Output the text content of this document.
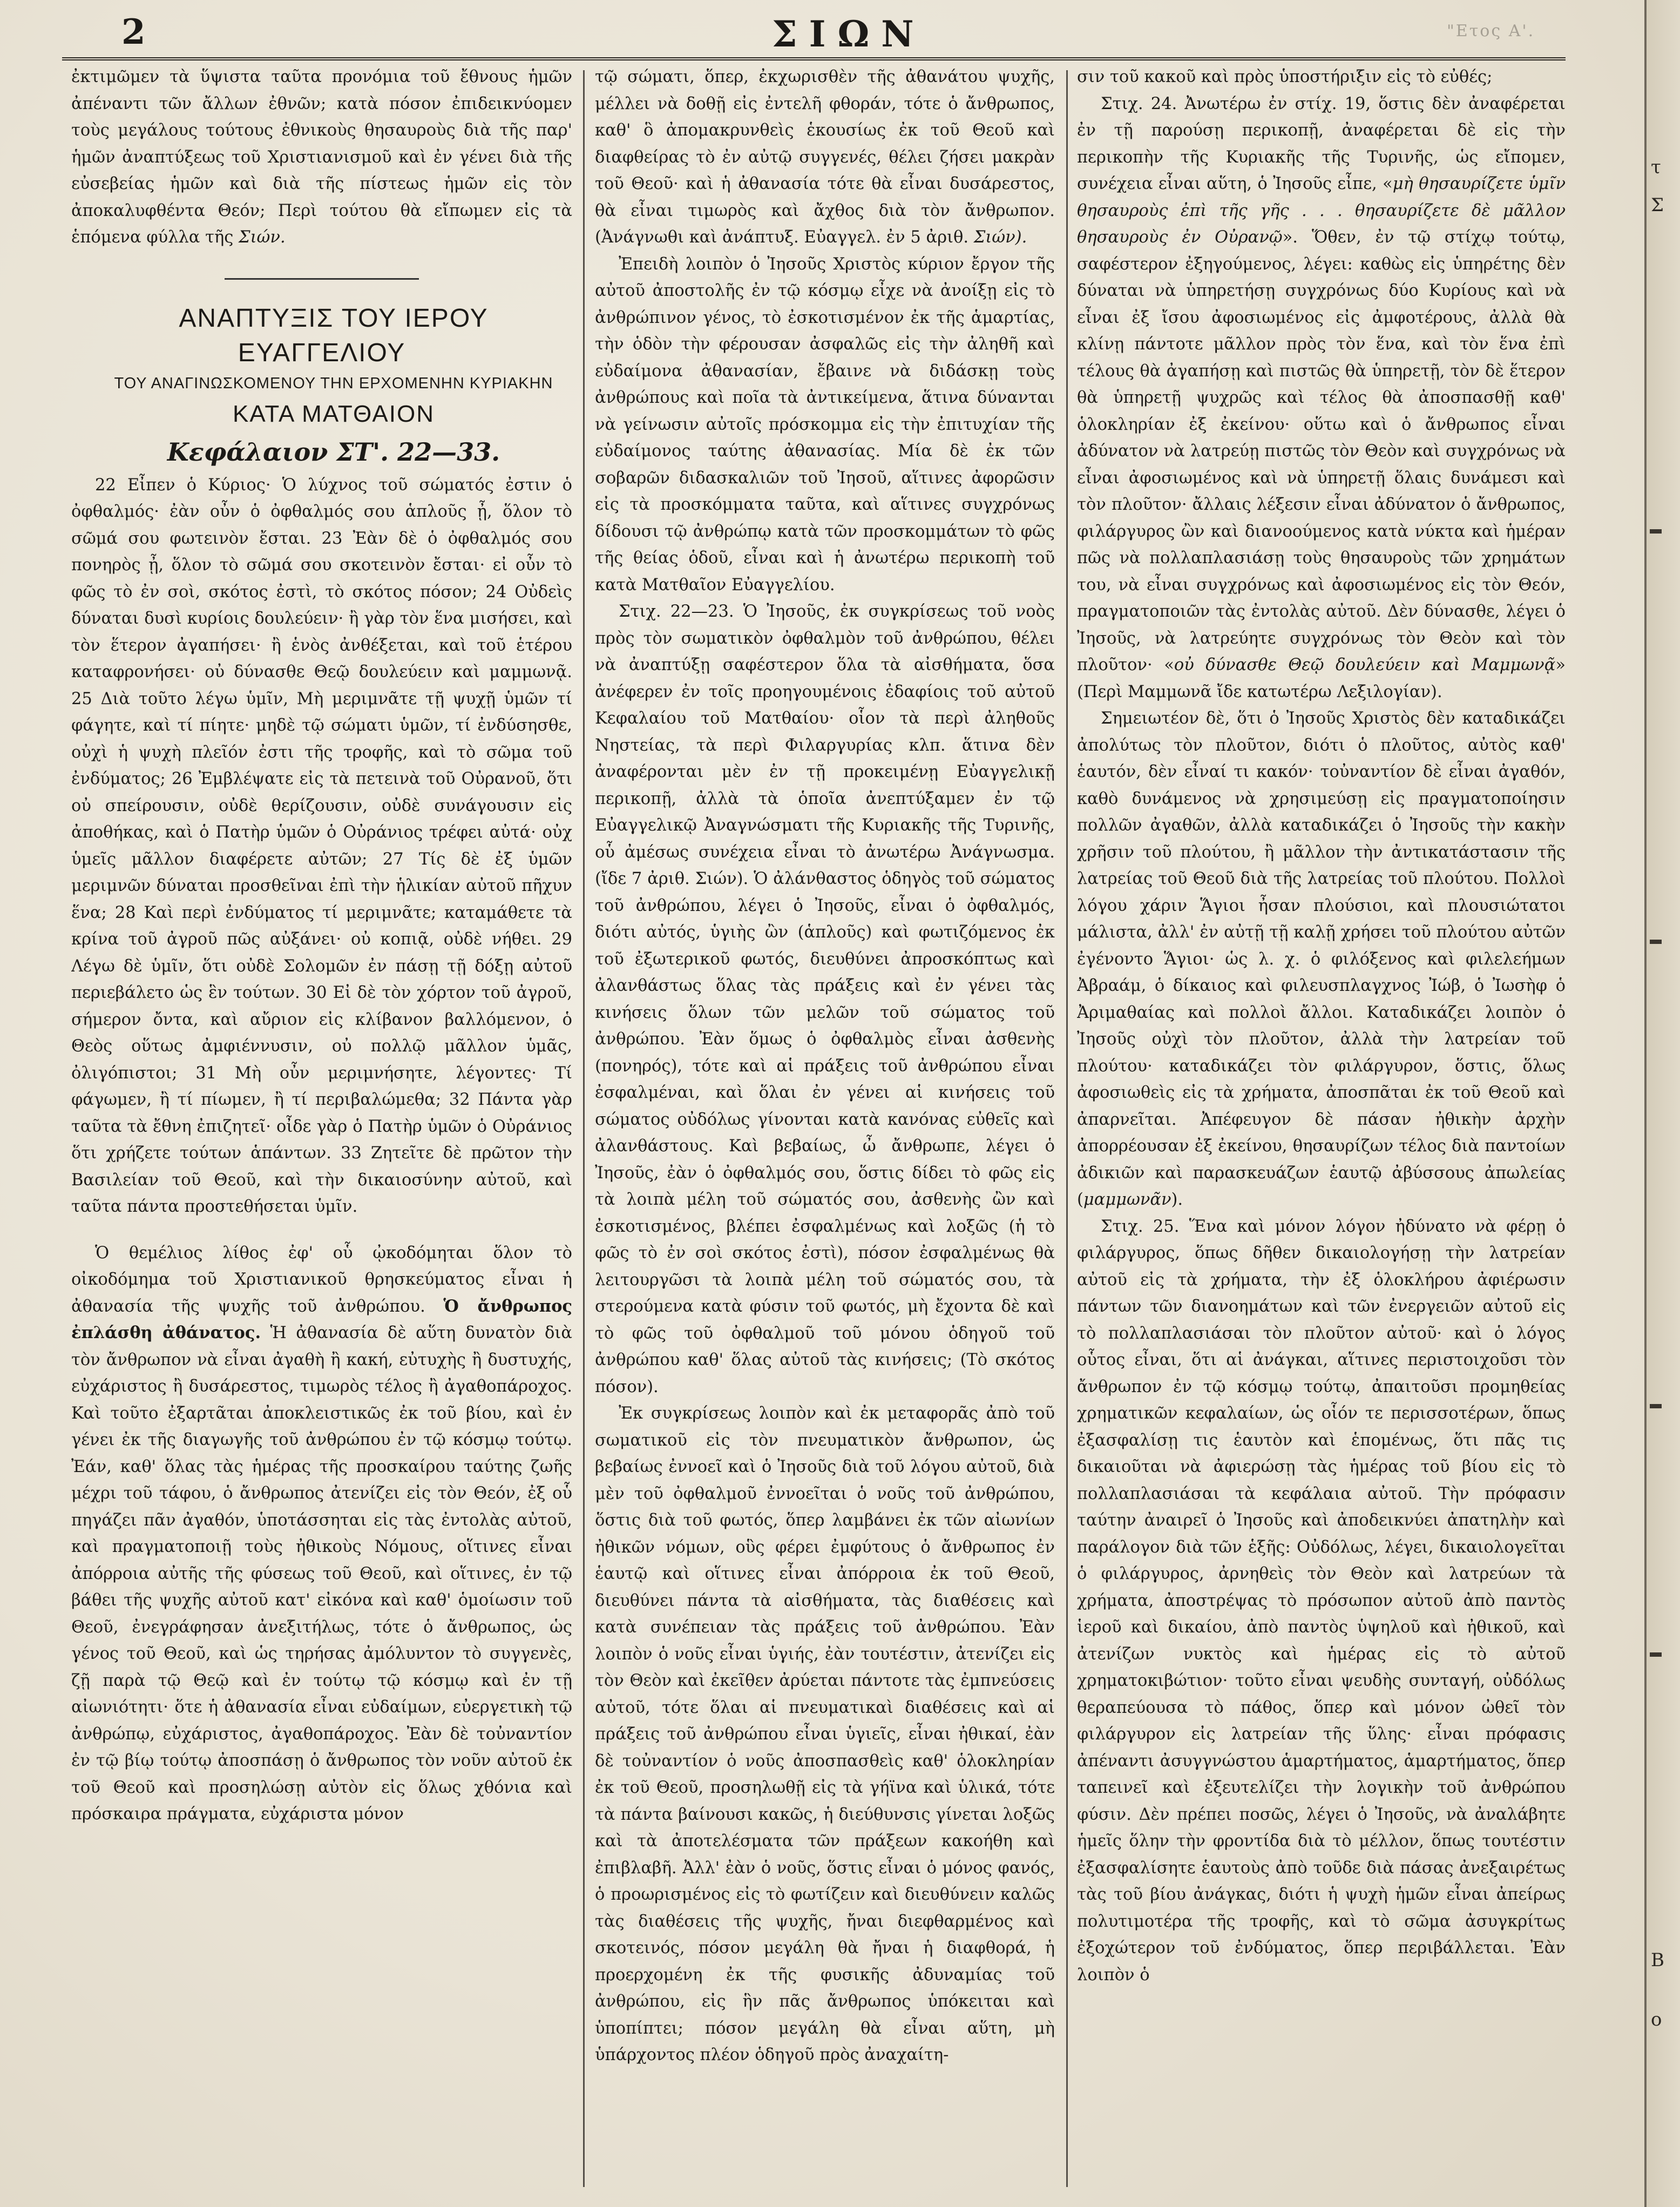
2	ΣΙΩΝ	"Ετος Α'.

ἐκτιμῶμεν τὰ ὕψιστα ταῦτα προνόμια τοῦ ἔθνους ἡμῶν ἀπέναντι τῶν ἄλλων ἐθνῶν; κατὰ πόσον ἐπιδεικνύομεν τοὺς μεγάλους τούτους ἐθνικοὺς θησαυροὺς διὰ τῆς παρ' ἡμῶν ἀναπτύξεως τοῦ Χριστιανισμοῦ καὶ ἐν γένει διὰ τῆς εὐσεβείας ἡμῶν καὶ διὰ τῆς πίστεως ἡμῶν εἰς τὸν ἀποκαλυφθέντα Θεόν; Περὶ τούτου θὰ εἴπωμεν εἰς τὰ ἑπόμενα φύλλα τῆς Σιών.

ΑΝΑΠΤΥΞΙΣ ΤΟΥ ΙΕΡΟΥ ΕΥΑΓΓΕΛΙΟΥ

ΤΟΥ ΑΝΑΓΙΝΩΣΚΟΜΕΝΟΥ ΤΗΝ ΕΡΧΟΜΕΝΗΝ ΚΥΡΙΑΚΗΝ

ΚΑΤΑ ΜΑΤΘΑΙΟΝ

Κεφάλαιον ΣΤ'. 22—33.

22 Εἶπεν ὁ Κύριος· Ὁ λύχνος τοῦ σώματός ἐστιν ὁ ὀφθαλμός· ἐὰν οὖν ὁ ὀφθαλμός σου ἁπλοῦς ᾖ, ὅλον τὸ σῶμά σου φωτεινὸν ἔσται. 23 Ἐὰν δὲ ὁ ὀφθαλμός σου πονηρὸς ᾖ, ὅλον τὸ σῶμά σου σκοτεινὸν ἔσται· εἰ οὖν τὸ φῶς τὸ ἐν σοὶ, σκότος ἐστὶ, τὸ σκότος πόσον; 24 Οὐδεὶς δύναται δυσὶ κυρίοις δουλεύειν· ἢ γὰρ τὸν ἕνα μισήσει, καὶ τὸν ἕτερον ἀγαπήσει· ἢ ἑνὸς ἀνθέξεται, καὶ τοῦ ἑτέρου καταφρονήσει· οὐ δύνασθε Θεῷ δουλεύειν καὶ μαμμωνᾷ. 25 Διὰ τοῦτο λέγω ὑμῖν, Μὴ μεριμνᾶτε τῇ ψυχῇ ὑμῶν τί φάγητε, καὶ τί πίητε· μηδὲ τῷ σώματι ὑμῶν, τί ἐνδύσησθε, οὐχὶ ἡ ψυχὴ πλεῖόν ἐστι τῆς τροφῆς, καὶ τὸ σῶμα τοῦ ἐνδύματος; 26 Ἐμβλέψατε εἰς τὰ πετεινὰ τοῦ Οὐρανοῦ, ὅτι οὐ σπείρουσιν, οὐδὲ θερίζουσιν, οὐδὲ συνάγουσιν εἰς ἀποθήκας, καὶ ὁ Πατὴρ ὑμῶν ὁ Οὐράνιος τρέφει αὐτά· οὐχ ὑμεῖς μᾶλλον διαφέρετε αὐτῶν; 27 Τίς δὲ ἐξ ὑμῶν μεριμνῶν δύναται προσθεῖναι ἐπὶ τὴν ἡλικίαν αὐτοῦ πῆχυν ἕνα; 28 Καὶ περὶ ἐνδύματος τί μεριμνᾶτε; καταμάθετε τὰ κρίνα τοῦ ἀγροῦ πῶς αὐξάνει· οὐ κοπιᾷ, οὐδὲ νήθει. 29 Λέγω δὲ ὑμῖν, ὅτι οὐδὲ Σολομῶν ἐν πάσῃ τῇ δόξῃ αὐτοῦ περιεβάλετο ὡς ἓν τούτων. 30 Εἰ δὲ τὸν χόρτον τοῦ ἀγροῦ, σήμερον ὄντα, καὶ αὔριον εἰς κλίβανον βαλλόμενον, ὁ Θεὸς οὕτως ἀμφιέννυσιν, οὐ πολλῷ μᾶλλον ὑμᾶς, ὀλιγόπιστοι; 31 Μὴ οὖν μεριμνήσητε, λέγοντες· Τί φάγωμεν, ἢ τί πίωμεν, ἢ τί περιβαλώμεθα; 32 Πάντα γὰρ ταῦτα τὰ ἔθνη ἐπιζητεῖ· οἶδε γὰρ ὁ Πατὴρ ὑμῶν ὁ Οὐράνιος ὅτι χρήζετε τούτων ἁπάντων. 33 Ζητεῖτε δὲ πρῶτον τὴν Βασιλείαν τοῦ Θεοῦ, καὶ τὴν δικαιοσύνην αὐτοῦ, καὶ ταῦτα πάντα προστεθήσεται ὑμῖν.

Ὁ θεμέλιος λίθος ἐφ' οὗ ᾠκοδόμηται ὅλον τὸ οἰκοδόμημα τοῦ Χριστιανικοῦ θρησκεύματος εἶναι ἡ ἀθανασία τῆς ψυχῆς τοῦ ἀνθρώπου. Ὁ ἄνθρωπος ἐπλάσθη ἀθάνατος. Ἡ ἀθανασία δὲ αὕτη δυνατὸν διὰ τὸν ἄνθρωπον νὰ εἶναι ἀγαθὴ ἢ κακή, εὐτυχὴς ἢ δυστυχής, εὐχάριστος ἢ δυσάρεστος, τιμωρὸς τέλος ἢ ἀγαθοπάροχος. Καὶ τοῦτο ἐξαρτᾶται ἀποκλειστικῶς ἐκ τοῦ βίου, καὶ ἐν γένει ἐκ τῆς διαγωγῆς τοῦ ἀνθρώπου ἐν τῷ κόσμῳ τούτῳ. Ἐάν, καθ' ὅλας τὰς ἡμέρας τῆς προσκαίρου ταύτης ζωῆς μέχρι τοῦ τάφου, ὁ ἄνθρωπος ἀτενίζει εἰς τὸν Θεόν, ἐξ οὗ πηγάζει πᾶν ἀγαθόν, ὑποτάσσηται εἰς τὰς ἐντολὰς αὐτοῦ, καὶ πραγματοποιῇ τοὺς ἠθικοὺς Νόμους, οἵτινες εἶναι ἀπόρροια αὐτῆς τῆς φύσεως τοῦ Θεοῦ, καὶ οἵτινες, ἐν τῷ βάθει τῆς ψυχῆς αὐτοῦ κατ' εἰκόνα καὶ καθ' ὁμοίωσιν τοῦ Θεοῦ, ἐνεγράφησαν ἀνεξιτήλως, τότε ὁ ἄνθρωπος, ὡς γένος τοῦ Θεοῦ, καὶ ὡς τηρήσας ἀμόλυντον τὸ συγγενὲς, ζῇ παρὰ τῷ Θεῷ καὶ ἐν τούτῳ τῷ κόσμῳ καὶ ἐν τῇ αἰωνιότητι· ὅτε ἡ ἀθανασία εἶναι εὐδαίμων, εὐεργετικὴ τῷ ἀνθρώπῳ, εὐχάριστος, ἀγαθοπάροχος. Ἐὰν δὲ τοὐναντίον ἐν τῷ βίῳ τούτῳ ἀποσπάσῃ ὁ ἄνθρωπος τὸν νοῦν αὐτοῦ ἐκ τοῦ Θεοῦ καὶ προσηλώσῃ αὐτὸν εἰς ὅλως χθόνια καὶ πρόσκαιρα πράγματα, εὐχάριστα μόνον

τῷ σώματι, ὅπερ, ἐκχωρισθὲν τῆς ἀθανάτου ψυχῆς, μέλλει νὰ δοθῇ εἰς ἐντελῆ φθοράν, τότε ὁ ἄνθρωπος, καθ' ὃ ἀπομακρυνθεὶς ἑκουσίως ἐκ τοῦ Θεοῦ καὶ διαφθείρας τὸ ἐν αὐτῷ συγγενές, θέλει ζήσει μακρὰν τοῦ Θεοῦ· καὶ ἡ ἀθανασία τότε θὰ εἶναι δυσάρεστος, θὰ εἶναι τιμωρὸς καὶ ἄχθος διὰ τὸν ἄνθρωπον. (Ἀνάγνωθι καὶ ἀνάπτυξ. Εὐαγγελ. ἐν 5 ἀριθ. Σιών).

Ἐπειδὴ λοιπὸν ὁ Ἰησοῦς Χριστὸς κύριον ἔργον τῆς αὐτοῦ ἀποστολῆς ἐν τῷ κόσμῳ εἶχε νὰ ἀνοίξῃ εἰς τὸ ἀνθρώπινον γένος, τὸ ἐσκοτισμένον ἐκ τῆς ἁμαρτίας, τὴν ὁδὸν τὴν φέρουσαν ἀσφαλῶς εἰς τὴν ἀληθῆ καὶ εὐδαίμονα ἀθανασίαν, ἔβαινε νὰ διδάσκῃ τοὺς ἀνθρώπους καὶ ποῖα τὰ ἀντικείμενα, ἅτινα δύνανται νὰ γείνωσιν αὐτοῖς πρόσκομμα εἰς τὴν ἐπιτυχίαν τῆς εὐδαίμονος ταύτης ἀθανασίας. Μία δὲ ἐκ τῶν σοβαρῶν διδασκαλιῶν τοῦ Ἰησοῦ, αἵτινες ἀφορῶσιν εἰς τὰ προσκόμματα ταῦτα, καὶ αἵτινες συγχρόνως δίδουσι τῷ ἀνθρώπῳ κατὰ τῶν προσκομμάτων τὸ φῶς τῆς θείας ὁδοῦ, εἶναι καὶ ἡ ἀνωτέρω περικοπὴ τοῦ κατὰ Ματθαῖον Εὐαγγελίου.

Στιχ. 22—23. Ὁ Ἰησοῦς, ἐκ συγκρίσεως τοῦ νοὸς πρὸς τὸν σωματικὸν ὀφθαλμὸν τοῦ ἀνθρώπου, θέλει νὰ ἀναπτύξῃ σαφέστερον ὅλα τὰ αἰσθήματα, ὅσα ἀνέφερεν ἐν τοῖς προηγουμένοις ἐδαφίοις τοῦ αὐτοῦ Κεφαλαίου τοῦ Ματθαίου· οἷον τὰ περὶ ἀληθοῦς Νηστείας, τὰ περὶ Φιλαργυρίας κλπ. ἅτινα δὲν ἀναφέρονται μὲν ἐν τῇ προκειμένῃ Εὐαγγελικῇ περικοπῇ, ἀλλὰ τὰ ὁποῖα ἀνεπτύξαμεν ἐν τῷ Εὐαγγελικῷ Ἀναγνώσματι τῆς Κυριακῆς τῆς Τυρινῆς, οὗ ἀμέσως συνέχεια εἶναι τὸ ἀνωτέρω Ἀνάγνωσμα. (ἴδε 7 ἀριθ. Σιών). Ὁ ἀλάνθαστος ὁδηγὸς τοῦ σώματος τοῦ ἀνθρώπου, λέγει ὁ Ἰησοῦς, εἶναι ὁ ὀφθαλμός, διότι αὐτός, ὑγιὴς ὢν (ἁπλοῦς) καὶ φωτιζόμενος ἐκ τοῦ ἐξωτερικοῦ φωτός, διευθύνει ἀπροσκόπτως καὶ ἀλανθάστως ὅλας τὰς πράξεις καὶ ἐν γένει τὰς κινήσεις ὅλων τῶν μελῶν τοῦ σώματος τοῦ ἀνθρώπου. Ἐὰν ὅμως ὁ ὀφθαλμὸς εἶναι ἀσθενὴς (πονηρός), τότε καὶ αἱ πράξεις τοῦ ἀνθρώπου εἶναι ἐσφαλμέναι, καὶ ὅλαι ἐν γένει αἱ κινήσεις τοῦ σώματος οὐδόλως γίνονται κατὰ κανόνας εὐθεῖς καὶ ἀλανθάστους. Καὶ βεβαίως, ὦ ἄνθρωπε, λέγει ὁ Ἰησοῦς, ἐὰν ὁ ὀφθαλμός σου, ὅστις δίδει τὸ φῶς εἰς τὰ λοιπὰ μέλη τοῦ σώματός σου, ἀσθενὴς ὢν καὶ ἐσκοτισμένος, βλέπει ἐσφαλμένως καὶ λοξῶς (ἡ τὸ φῶς τὸ ἐν σοὶ σκότος ἐστὶ), πόσον ἐσφαλμένως θὰ λειτουργῶσι τὰ λοιπὰ μέλη τοῦ σώματός σου, τὰ στερούμενα κατὰ φύσιν τοῦ φωτός, μὴ ἔχοντα δὲ καὶ τὸ φῶς τοῦ ὀφθαλμοῦ τοῦ μόνου ὁδηγοῦ τοῦ ἀνθρώπου καθ' ὅλας αὐτοῦ τὰς κινήσεις; (Τὸ σκότος πόσον).

Ἐκ συγκρίσεως λοιπὸν καὶ ἐκ μεταφορᾶς ἀπὸ τοῦ σωματικοῦ εἰς τὸν πνευματικὸν ἄνθρωπον, ὡς βεβαίως ἐννοεῖ καὶ ὁ Ἰησοῦς διὰ τοῦ λόγου αὐτοῦ, διὰ μὲν τοῦ ὀφθαλμοῦ ἐννοεῖται ὁ νοῦς τοῦ ἀνθρώπου, ὅστις διὰ τοῦ φωτός, ὅπερ λαμβάνει ἐκ τῶν αἰωνίων ἠθικῶν νόμων, οὓς φέρει ἐμφύτους ὁ ἄνθρωπος ἐν ἑαυτῷ καὶ οἵτινες εἶναι ἀπόρροια ἐκ τοῦ Θεοῦ, διευθύνει πάντα τὰ αἰσθήματα, τὰς διαθέσεις καὶ κατὰ συνέπειαν τὰς πράξεις τοῦ ἀνθρώπου. Ἐὰν λοιπὸν ὁ νοῦς εἶναι ὑγιής, ἐὰν τουτέστιν, ἀτενίζει εἰς τὸν Θεὸν καὶ ἐκεῖθεν ἀρύεται πάντοτε τὰς ἐμπνεύσεις αὐτοῦ, τότε ὅλαι αἱ πνευματικαὶ διαθέσεις καὶ αἱ πράξεις τοῦ ἀνθρώπου εἶναι ὑγιεῖς, εἶναι ἠθικαί, ἐὰν δὲ τοὐναντίον ὁ νοῦς ἀποσπασθεὶς καθ' ὁλοκληρίαν ἐκ τοῦ Θεοῦ, προσηλωθῇ εἰς τὰ γήϊνα καὶ ὑλικά, τότε τὰ πάντα βαίνουσι κακῶς, ἡ διεύθυνσις γίνεται λοξῶς καὶ τὰ ἀποτελέσματα τῶν πράξεων κακοήθη καὶ ἐπιβλαβῆ. Ἀλλ' ἐὰν ὁ νοῦς, ὅστις εἶναι ὁ μόνος φανός, ὁ προωρισμένος εἰς τὸ φωτίζειν καὶ διευθύνειν καλῶς τὰς διαθέσεις τῆς ψυχῆς, ἤναι διεφθαρμένος καὶ σκοτεινός, πόσον μεγάλη θὰ ἤναι ἡ διαφθορά, ἡ προερχομένη ἐκ τῆς φυσικῆς ἀδυναμίας τοῦ ἀνθρώπου, εἰς ἣν πᾶς ἄνθρωπος ὑπόκειται καὶ ὑποπίπτει; πόσον μεγάλη θὰ εἶναι αὕτη, μὴ ὑπάρχοντος πλέον ὁδηγοῦ πρὸς ἀναχαίτη-

σιν τοῦ κακοῦ καὶ πρὸς ὑποστήριξιν εἰς τὸ εὐθές;

Στιχ. 24. Ἀνωτέρω ἐν στίχ. 19, ὅστις δὲν ἀναφέρεται ἐν τῇ παρούσῃ περικοπῇ, ἀναφέρεται δὲ εἰς τὴν περικοπὴν τῆς Κυριακῆς τῆς Τυρινῆς, ὡς εἴπομεν, συνέχεια εἶναι αὕτη, ὁ Ἰησοῦς εἶπε, «μὴ θησαυρίζετε ὑμῖν θησαυροὺς ἐπὶ τῆς γῆς . . . θησαυρίζετε δὲ μᾶλλον θησαυροὺς ἐν Οὐρανῷ». Ὅθεν, ἐν τῷ στίχῳ τούτῳ, σαφέστερον ἐξηγούμενος, λέγει: καθὼς εἰς ὑπηρέτης δὲν δύναται νὰ ὑπηρετήσῃ συγχρόνως δύο Κυρίους καὶ νὰ εἶναι ἐξ ἴσου ἀφοσιωμένος εἰς ἀμφοτέρους, ἀλλὰ θὰ κλίνῃ πάντοτε μᾶλλον πρὸς τὸν ἕνα, καὶ τὸν ἕνα ἐπὶ τέλους θὰ ἀγαπήσῃ καὶ πιστῶς θὰ ὑπηρετῇ, τὸν δὲ ἕτερον θὰ ὑπηρετῇ ψυχρῶς καὶ τέλος θὰ ἀποσπασθῇ καθ' ὁλοκληρίαν ἐξ ἐκείνου· οὕτω καὶ ὁ ἄνθρωπος εἶναι ἀδύνατον νὰ λατρεύῃ πιστῶς τὸν Θεὸν καὶ συγχρόνως νὰ εἶναι ἀφοσιωμένος καὶ νὰ ὑπηρετῇ ὅλαις δυνάμεσι καὶ τὸν πλοῦτον· ἄλλαις λέξεσιν εἶναι ἀδύνατον ὁ ἄνθρωπος, φιλάργυρος ὢν καὶ διανοούμενος κατὰ νύκτα καὶ ἡμέραν πῶς νὰ πολλαπλασιάσῃ τοὺς θησαυροὺς τῶν χρημάτων του, νὰ εἶναι συγχρόνως καὶ ἀφοσιωμένος εἰς τὸν Θεόν, πραγματοποιῶν τὰς ἐντολὰς αὐτοῦ. Δὲν δύνασθε, λέγει ὁ Ἰησοῦς, νὰ λατρεύητε συγχρόνως τὸν Θεὸν καὶ τὸν πλοῦτον· «οὐ δύνασθε Θεῷ δουλεύειν καὶ Μαμμωνᾷ» (Περὶ Μαμμωνᾶ ἴδε κατωτέρω Λεξιλογίαν).

Σημειωτέον δὲ, ὅτι ὁ Ἰησοῦς Χριστὸς δὲν καταδικάζει ἀπολύτως τὸν πλοῦτον, διότι ὁ πλοῦτος, αὐτὸς καθ' ἑαυτόν, δὲν εἶναί τι κακόν· τοὐναντίον δὲ εἶναι ἀγαθόν, καθὸ δυνάμενος νὰ χρησιμεύσῃ εἰς πραγματοποίησιν πολλῶν ἀγαθῶν, ἀλλὰ καταδικάζει ὁ Ἰησοῦς τὴν κακὴν χρῆσιν τοῦ πλούτου, ἢ μᾶλλον τὴν ἀντικατάστασιν τῆς λατρείας τοῦ Θεοῦ διὰ τῆς λατρείας τοῦ πλούτου. Πολλοὶ λόγου χάριν Ἅγιοι ἦσαν πλούσιοι, καὶ πλουσιώτατοι μάλιστα, ἀλλ' ἐν αὐτῇ τῇ καλῇ χρήσει τοῦ πλούτου αὐτῶν ἐγένοντο Ἅγιοι· ὡς λ. χ. ὁ φιλόξενος καὶ φιλελεήμων Ἀβραάμ, ὁ δίκαιος καὶ φιλευσπλαγχνος Ἰώβ, ὁ Ἰωσὴφ ὁ Ἀριμαθαίας καὶ πολλοὶ ἄλλοι. Καταδικάζει λοιπὸν ὁ Ἰησοῦς οὐχὶ τὸν πλοῦτον, ἀλλὰ τὴν λατρείαν τοῦ πλούτου· καταδικάζει τὸν φιλάργυρον, ὅστις, ὅλως ἀφοσιωθεὶς εἰς τὰ χρήματα, ἀποσπᾶται ἐκ τοῦ Θεοῦ καὶ ἀπαρνεῖται. Ἀπέφευγον δὲ πάσαν ἠθικὴν ἀρχὴν ἀπορρέουσαν ἐξ ἐκείνου, θησαυρίζων τέλος διὰ παντοίων ἀδικιῶν καὶ παρασκευάζων ἑαυτῷ ἀβύσσους ἀπωλείας (μαμμωνᾶν).

Στιχ. 25. Ἕνα καὶ μόνον λόγον ἠδύνατο νὰ φέρῃ ὁ φιλάργυρος, ὅπως δῆθεν δικαιολογήσῃ τὴν λατρείαν αὐτοῦ εἰς τὰ χρήματα, τὴν ἐξ ὁλοκλήρου ἀφιέρωσιν πάντων τῶν διανοημάτων καὶ τῶν ἐνεργειῶν αὐτοῦ εἰς τὸ πολλαπλασιάσαι τὸν πλοῦτον αὐτοῦ· καὶ ὁ λόγος οὗτος εἶναι, ὅτι αἱ ἀνάγκαι, αἵτινες περιστοιχοῦσι τὸν ἄνθρωπον ἐν τῷ κόσμῳ τούτῳ, ἀπαιτοῦσι προμηθείας χρηματικῶν κεφαλαίων, ὡς οἷόν τε περισσοτέρων, ὅπως ἐξασφαλίσῃ τις ἑαυτὸν καὶ ἑπομένως, ὅτι πᾶς τις δικαιοῦται νὰ ἀφιερώσῃ τὰς ἡμέρας τοῦ βίου εἰς τὸ πολλαπλασιάσαι τὰ κεφάλαια αὐτοῦ. Τὴν πρόφασιν ταύτην ἀναιρεῖ ὁ Ἰησοῦς καὶ ἀποδεικνύει ἀπατηλὴν καὶ παράλογον διὰ τῶν ἑξῆς: Οὐδόλως, λέγει, δικαιολογεῖται ὁ φιλάργυρος, ἀρνηθεὶς τὸν Θεὸν καὶ λατρεύων τὰ χρήματα, ἀποστρέψας τὸ πρόσωπον αὐτοῦ ἀπὸ παντὸς ἱεροῦ καὶ δικαίου, ἀπὸ παντὸς ὑψηλοῦ καὶ ἠθικοῦ, καὶ ἀτενίζων νυκτὸς καὶ ἡμέρας εἰς τὸ αὐτοῦ χρηματοκιβώτιον· τοῦτο εἶναι ψευδὴς συνταγή, οὐδόλως θεραπεύουσα τὸ πάθος, ὅπερ καὶ μόνον ὠθεῖ τὸν φιλάργυρον εἰς λατρείαν τῆς ὕλης· εἶναι πρόφασις ἀπέναντι ἀσυγγνώστου ἁμαρτήματος, ἁμαρτήματος, ὅπερ ταπεινεῖ καὶ ἐξευτελίζει τὴν λογικὴν τοῦ ἀνθρώπου φύσιν. Δὲν πρέπει ποσῶς, λέγει ὁ Ἰησοῦς, νὰ ἀναλάβητε ἡμεῖς ὅλην τὴν φροντίδα διὰ τὸ μέλλον, ὅπως τουτέστιν ἐξασφαλίσητε ἑαυτοὺς ἀπὸ τοῦδε διὰ πάσας ἀνεξαιρέτως τὰς τοῦ βίου ἀνάγκας, διότι ἡ ψυχὴ ἡμῶν εἶναι ἀπείρως πολυτιμοτέρα τῆς τροφῆς, καὶ τὸ σῶμα ἀσυγκρίτως ἐξοχώτερον τοῦ ἐνδύματος, ὅπερ περιβάλλεται. Ἐὰν λοιπὸν ὁ

τ
Σ
Β
ο
